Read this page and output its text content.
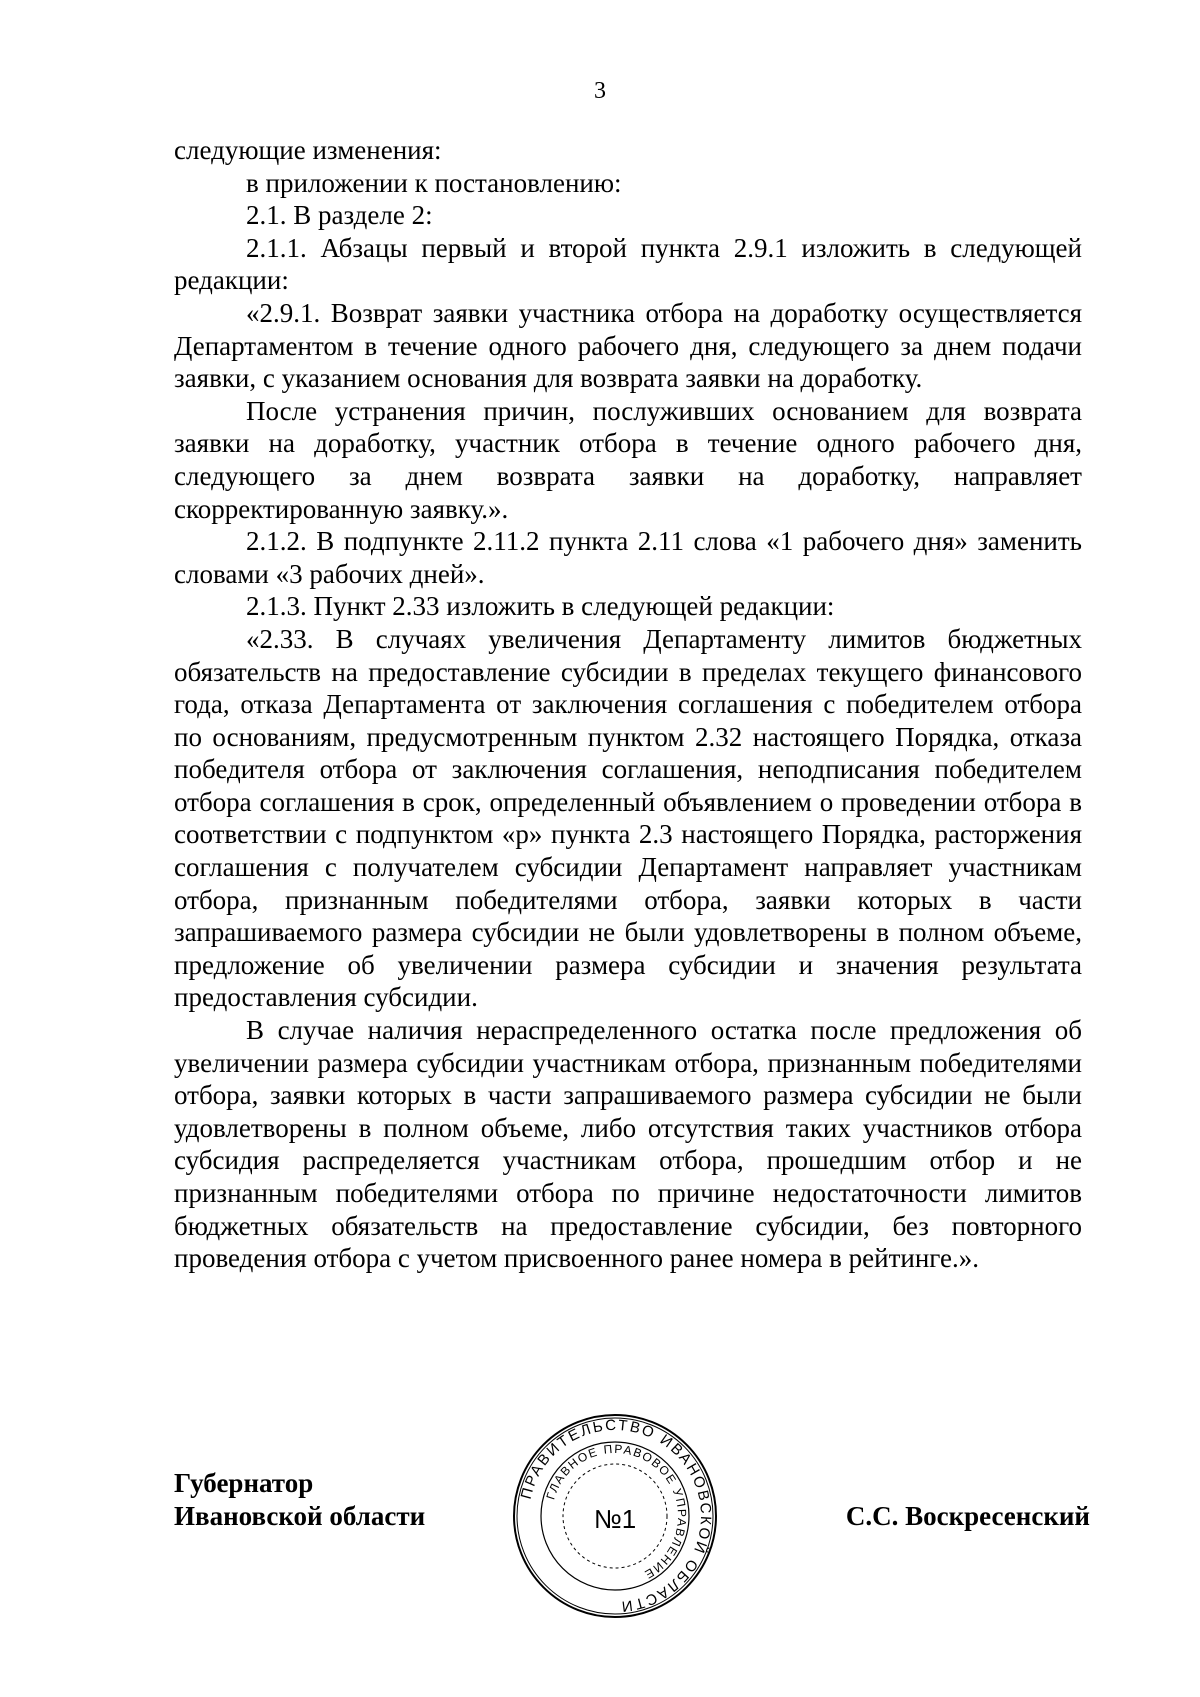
3

следующие изменения:

в приложении к постановлению:

2.1. В разделе 2:

2.1.1. Абзацы первый и второй пункта 2.9.1 изложить в следующей редакции:

«2.9.1. Возврат заявки участника отбора на доработку осуществляется Департаментом в течение одного рабочего дня, следующего за днем подачи заявки, с указанием основания для возврата заявки на доработку.

После устранения причин, послуживших основанием для возврата заявки на доработку, участник отбора в течение одного рабочего дня, следующего за днем возврата заявки на доработку, направляет скорректированную заявку.».

2.1.2. В подпункте 2.11.2 пункта 2.11 слова «1 рабочего дня» заменить словами «3 рабочих дней».

2.1.3. Пункт 2.33 изложить в следующей редакции:

«2.33. В случаях увеличения Департаменту лимитов бюджетных обязательств на предоставление субсидии в пределах текущего финансового года, отказа Департамента от заключения соглашения с победителем отбора по основаниям, предусмотренным пунктом 2.32 настоящего Порядка, отказа победителя отбора от заключения соглашения, неподписания победителем отбора соглашения в срок, определенный объявлением о проведении отбора в соответствии с подпунктом «р» пункта 2.3 настоящего Порядка, расторжения соглашения с получателем субсидии Департамент направляет участникам отбора, признанным победителями отбора, заявки которых в части запрашиваемого размера субсидии не были удовлетворены в полном объеме, предложение об увеличении размера субсидии и значения результата предоставления субсидии.

В случае наличия нераспределенного остатка после предложения об увеличении размера субсидии участникам отбора, признанным победителями отбора, заявки которых в части запрашиваемого размера субсидии не были удовлетворены в полном объеме, либо отсутствия таких участников отбора субсидия распределяется участникам отбора, прошедшим отбор и не признанным победителями отбора по причине недостаточности лимитов бюджетных обязательств на предоставление субсидии, без повторного проведения отбора с учетом присвоенного ранее номера в рейтинге.».

Губернатор
Ивановской области	С.С. Воскресенский
ПРАВИТЕЛЬСТВО ИВАНОВСКОЙ ОБЛАСТИ
ГЛАВНОЕ ПРАВОВОЕ УПРАВЛЕНИЕ
№1
